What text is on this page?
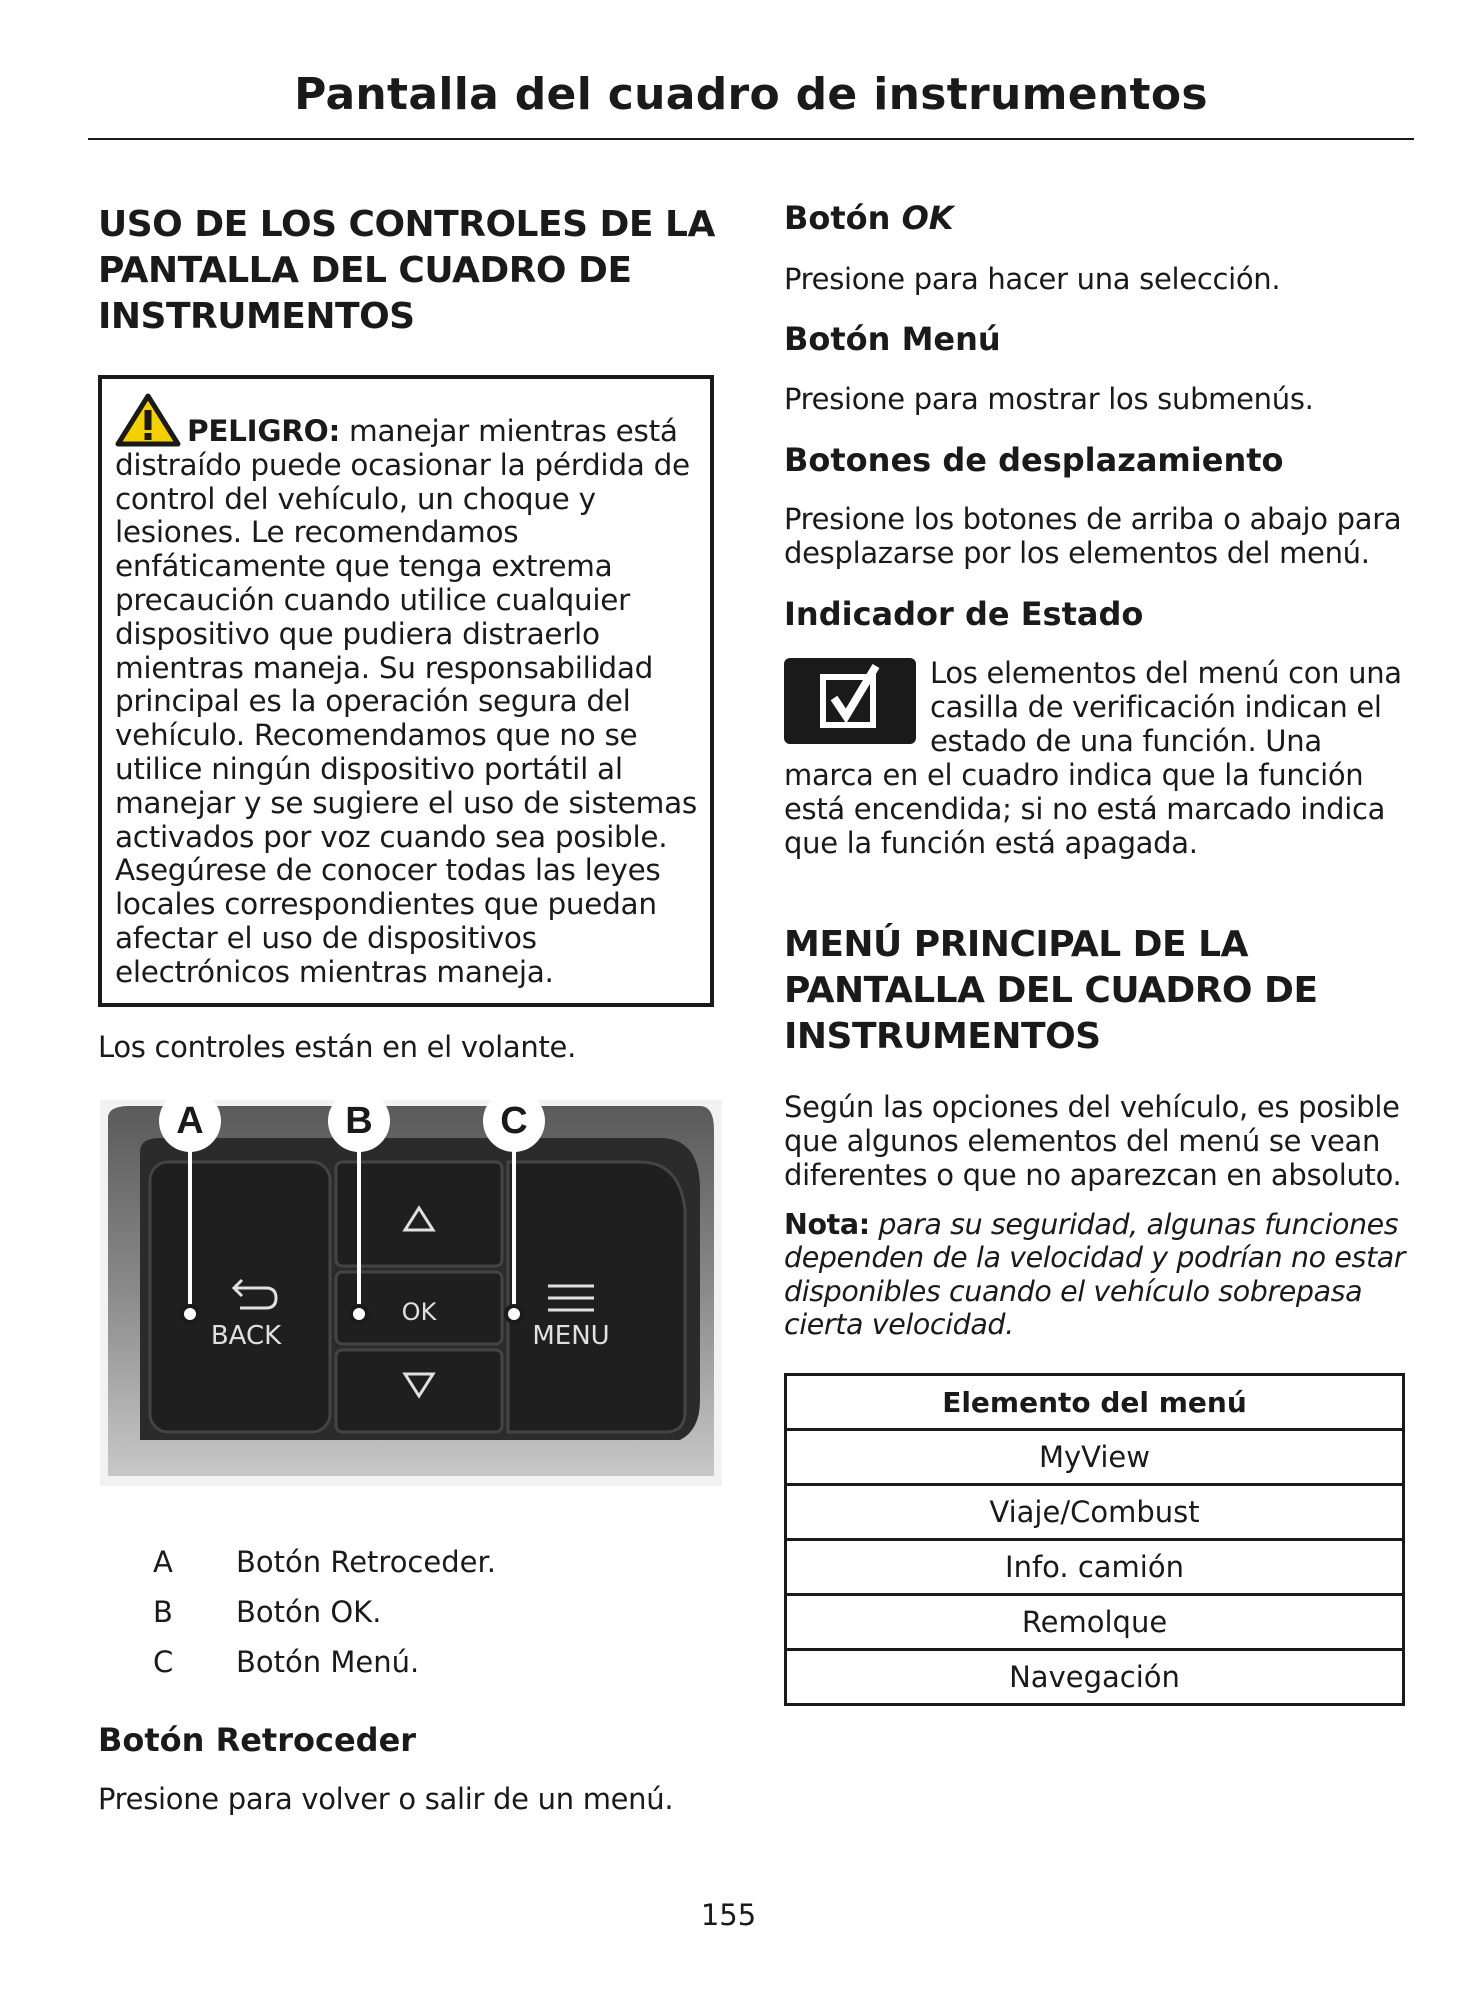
Pantalla del cuadro de instrumentos
USO DE LOS CONTROLES DE LA PANTALLA DEL CUADRO DE INSTRUMENTOS

PELIGRO: manejar mientras está distraído puede ocasionar la pérdida de control del vehículo, un choque y lesiones. Le recomendamos enfáticamente que tenga extrema precaución cuando utilice cualquier dispositivo que pudiera distraerlo mientras maneja. Su responsabilidad principal es la operación segura del vehículo. Recomendamos que no se utilice ningún dispositivo portátil al manejar y se sugiere el uso de sistemas activados por voz cuando sea posible. Asegúrese de conocer todas las leyes locales correspondientes que puedan afectar el uso de dispositivos electrónicos mientras maneja.

Los controles están en el volante.

BACK
OK
MENU
A	B	C
A Botón Retroceder.
B Botón OK.
C Botón Menú.
Botón Retroceder

Presione para volver o salir de un menú.

Botón OK

Presione para hacer una selección.

Botón Menú

Presione para mostrar los submenús.

Botones de desplazamiento

Presione los botones de arriba o abajo para desplazarse por los elementos del menú.

Indicador de Estado

Los elementos del menú con una

casilla de verificación indican el

estado de una función. Una

marca en el cuadro indica que la función está encendida; si no está marcado indica que la función está apagada.

MENÚ PRINCIPAL DE LA PANTALLA DEL CUADRO DE INSTRUMENTOS

Según las opciones del vehículo, es posible que algunos elementos del menú se vean diferentes o que no aparezcan en absoluto.

Nota: para su seguridad, algunas funciones dependen de la velocidad y podrían no estar disponibles cuando el vehículo sobrepasa cierta velocidad.

Elemento del menú
MyView
Viaje/Combust
Info. camión
Remolque
Navegación
155
